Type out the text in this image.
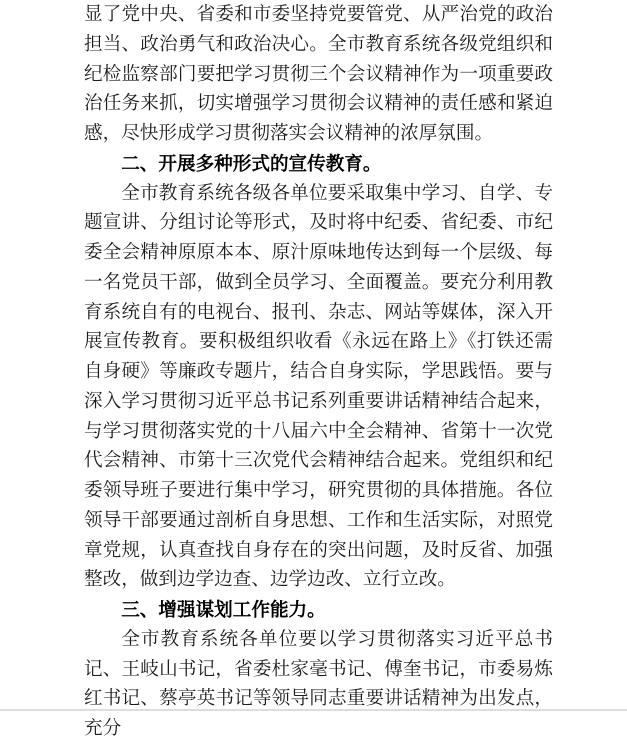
显了党中央、省委和市委坚持党要管党、从严治党的政治担当、政治勇气和政治决心。全市教育系统各级党组织和纪检监察部门要把学习贯彻三个会议精神作为一项重要政治任务来抓，切实增强学习贯彻会议精神的责任感和紧迫感，尽快形成学习贯彻落实会议精神的浓厚氛围。

二、开展多种形式的宣传教育。

全市教育系统各级各单位要采取集中学习、自学、专题宣讲、分组讨论等形式，及时将中纪委、省纪委、市纪委全会精神原原本本、原汁原味地传达到每一个层级、每一名党员干部，做到全员学习、全面覆盖。要充分利用教育系统自有的电视台、报刊、杂志、网站等媒体，深入开展宣传教育。要积极组织收看《永远在路上》《打铁还需自身硬》等廉政专题片，结合自身实际，学思践悟。要与深入学习贯彻习近平总书记系列重要讲话精神结合起来，与学习贯彻落实党的十八届六中全会精神、省第十一次党代会精神、市第十三次党代会精神结合起来。党组织和纪委领导班子要进行集中学习，研究贯彻的具体措施。各位领导干部要通过剖析自身思想、工作和生活实际，对照党章党规，认真查找自身存在的突出问题，及时反省、加强整改，做到边学边查、边学边改、立行立改。

三、增强谋划工作能力。

全市教育系统各单位要以学习贯彻落实习近平总书记、王岐山书记，省委杜家毫书记、傅奎书记，市委易炼红书记、蔡亭英书记等领导同志重要讲话精神为出发点，充分
